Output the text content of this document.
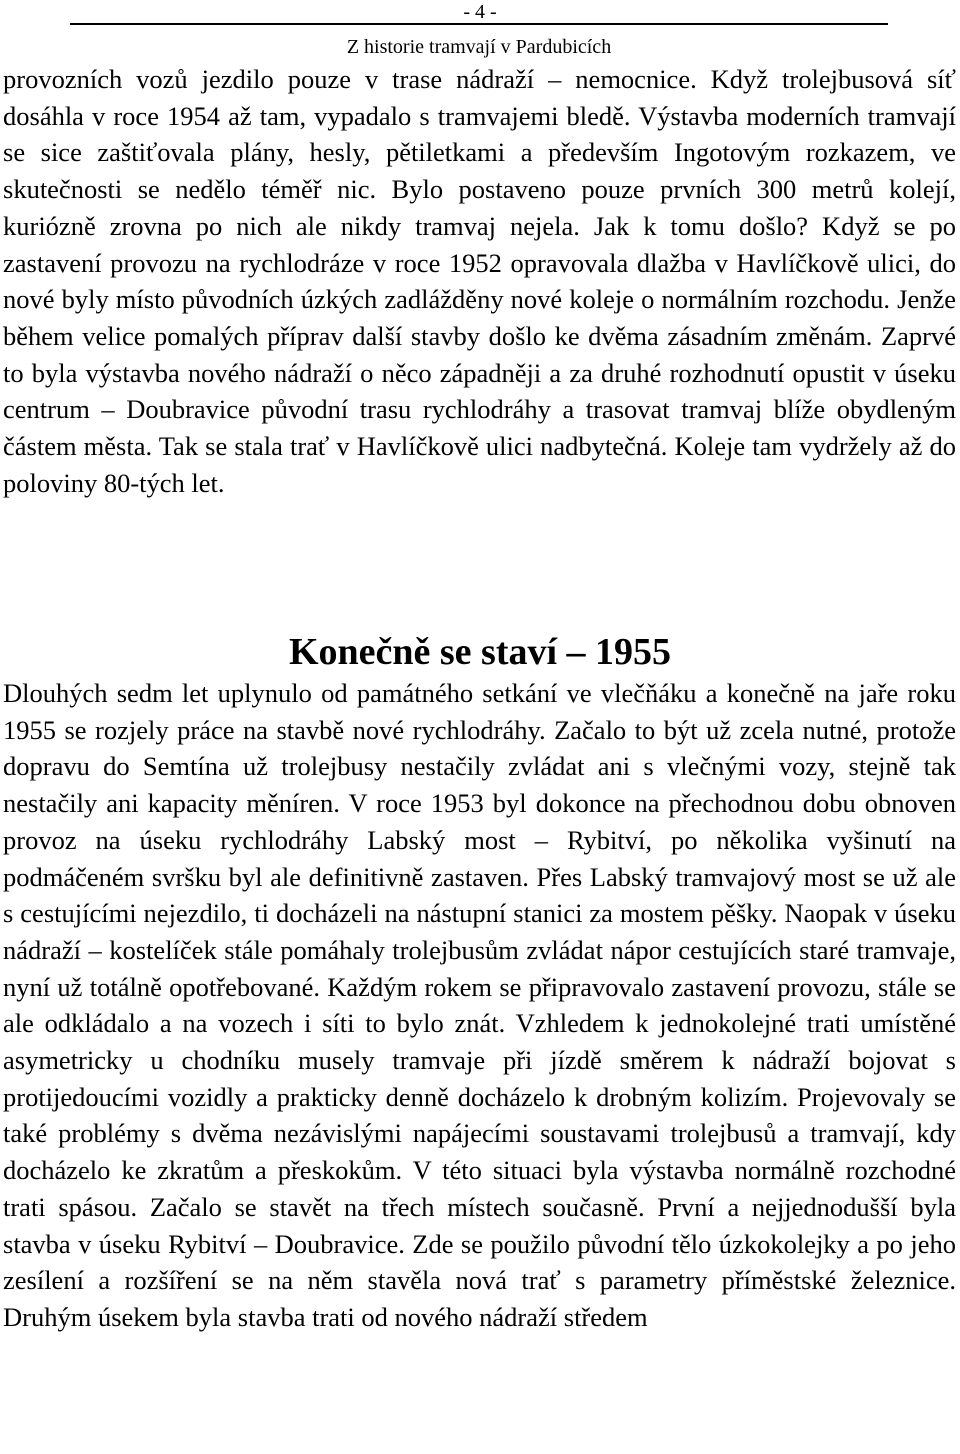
- 4 -
Z historie tramvají v Pardubicích

provozních vozů jezdilo pouze v trase nádraží – nemocnice. Když trolejbusová síť dosáhla v roce 1954 až tam, vypadalo s tramvajemi bledě. Výstavba moderních tramvají se sice zaštiťovala plány, hesly, pětiletkami a především Ingotovým rozkazem, ve skutečnosti se nedělo téměř nic. Bylo postaveno pouze prvních 300 metrů kolejí, kuriózně zrovna po nich ale nikdy tramvaj nejela. Jak k tomu došlo? Když se po zastavení provozu na rychlodráze v roce 1952 opravovala dlažba v Havlíčkově ulici, do nové byly místo původních úzkých zadlážděny nové koleje o normálním rozchodu. Jenže během velice pomalých příprav další stavby došlo ke dvěma zásadním změnám. Zaprvé to byla výstavba nového nádraží o něco západněji a za druhé rozhodnutí opustit v úseku centrum – Doubravice původní trasu rychlodráhy a trasovat tramvaj blíže obydleným částem města. Tak se stala trať v Havlíčkově ulici nadbytečná. Koleje tam vydržely až do poloviny 80-tých let.

Konečně se staví – 1955

Dlouhých sedm let uplynulo od památného setkání ve vlečňáku a konečně na jaře roku 1955 se rozjely práce na stavbě nové rychlodráhy. Začalo to být už zcela nutné, protože dopravu do Semtína už trolejbusy nestačily zvládat ani s vlečnými vozy, stejně tak nestačily ani kapacity měníren. V roce 1953 byl dokonce na přechodnou dobu obnoven provoz na úseku rychlodráhy Labský most – Rybitví, po několika vyšinutí na podmáčeném svršku byl ale definitivně zastaven. Přes Labský tramvajový most se už ale s cestujícími nejezdilo, ti docházeli na nástupní stanici za mostem pěšky. Naopak v úseku nádraží – kostelíček stále pomáhaly trolejbusům zvládat nápor cestujících staré tramvaje, nyní už totálně opotřebované. Každým rokem se připravovalo zastavení provozu, stále se ale odkládalo a na vozech i síti to bylo znát. Vzhledem k jednokolejné trati umístěné asymetricky u chodníku musely tramvaje při jízdě směrem k nádraží bojovat s protijedoucími vozidly a prakticky denně docházelo k drobným kolizím. Projevovaly se také problémy s dvěma nezávislými napájecími soustavami trolejbusů a tramvají, kdy docházelo ke zkratům a přeskokům. V této situaci byla výstavba normálně rozchodné trati spásou. Začalo se stavět na třech místech současně. První a nejjednodušší byla stavba v úseku Rybitví – Doubravice. Zde se použilo původní tělo úzkokolejky a po jeho zesílení a rozšíření se na něm stavěla nová trať s parametry příměstské železnice. Druhým úsekem byla stavba trati od nového nádraží středem
